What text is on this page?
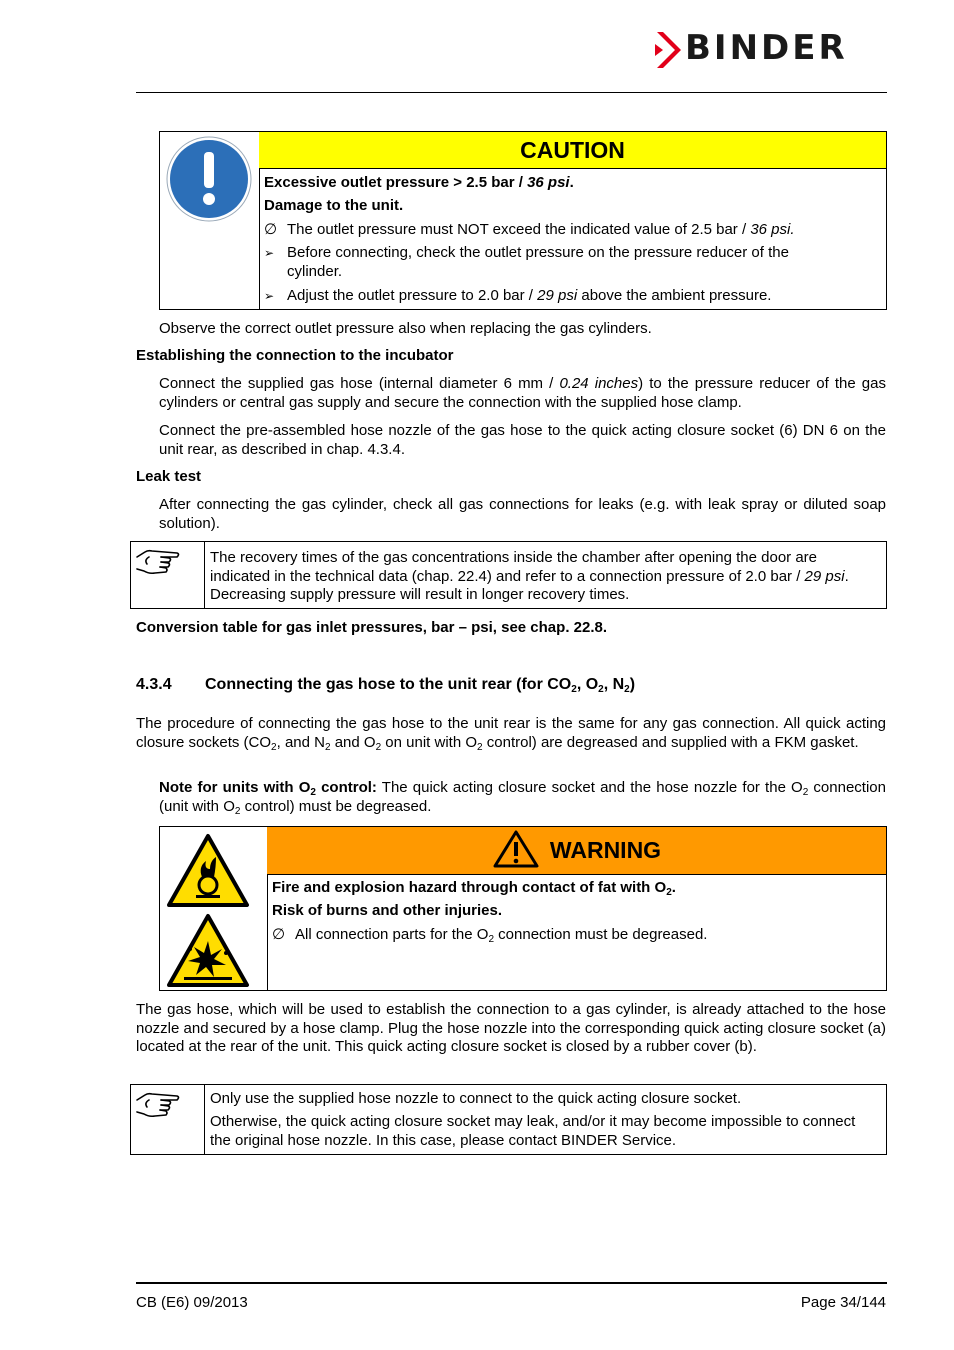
BINDER
CAUTION
Excessive outlet pressure > 2.5 bar / 36 psi.
Damage to the unit.
∅ The outlet pressure must NOT exceed the indicated value of 2.5 bar / 36 psi.
➢ Before connecting, check the outlet pressure on the pressure reducer of the
cylinder.
➢ Adjust the outlet pressure to 2.0 bar / 29 psi above the ambient pressure.

Observe the correct outlet pressure also when replacing the gas cylinders.

Establishing the connection to the incubator

Connect the supplied gas hose (internal diameter 6 mm / 0.24 inches) to the pressure reducer of the gas cylinders or central gas supply and secure the connection with the supplied hose clamp.

Connect the pre-assembled hose nozzle of the gas hose to the quick acting closure socket (6) DN 6 on the unit rear, as described in chap. 4.3.4.

Leak test

After connecting the gas cylinder, check all gas connections for leaks (e.g. with leak spray or diluted soap solution).

The recovery times of the gas concentrations inside the chamber after opening the door are indicated in the technical data (chap. 22.4) and refer to a connection pressure of 2.0 bar / 29 psi. Decreasing supply pressure will result in longer recovery times.

Conversion table for gas inlet pressures, bar – psi, see chap. 22.8.

4.3.4 Connecting the gas hose to the unit rear (for $CO_2$, $O_2$, $N_2$)

The procedure of connecting the gas hose to the unit rear is the same for any gas connection. All quick acting closure sockets ($CO_2$, and $N_2$ and $O_2$ on unit with $O_2$ control) are degreased and supplied with a FKM gasket.

Note for units with $O_2$ control: The quick acting closure socket and the hose nozzle for the $O_2$ connection (unit with $O_2$ control) must be degreased.

WARNING
Fire and explosion hazard through contact of fat with $O_2$.
Risk of burns and other injuries.
∅ All connection parts for the $O_2$ connection must be degreased.

The gas hose, which will be used to establish the connection to a gas cylinder, is already attached to the hose nozzle and secured by a hose clamp. Plug the hose nozzle into the corresponding quick acting closure socket (a) located at the rear of the unit. This quick acting closure socket is closed by a rubber cover (b).

Only use the supplied hose nozzle to connect to the quick acting closure socket.

Otherwise, the quick acting closure socket may leak, and/or it may become impossible to connect the original hose nozzle. In this case, please contact BINDER Service.

CB (E6) 09/2013	Page 34/144
